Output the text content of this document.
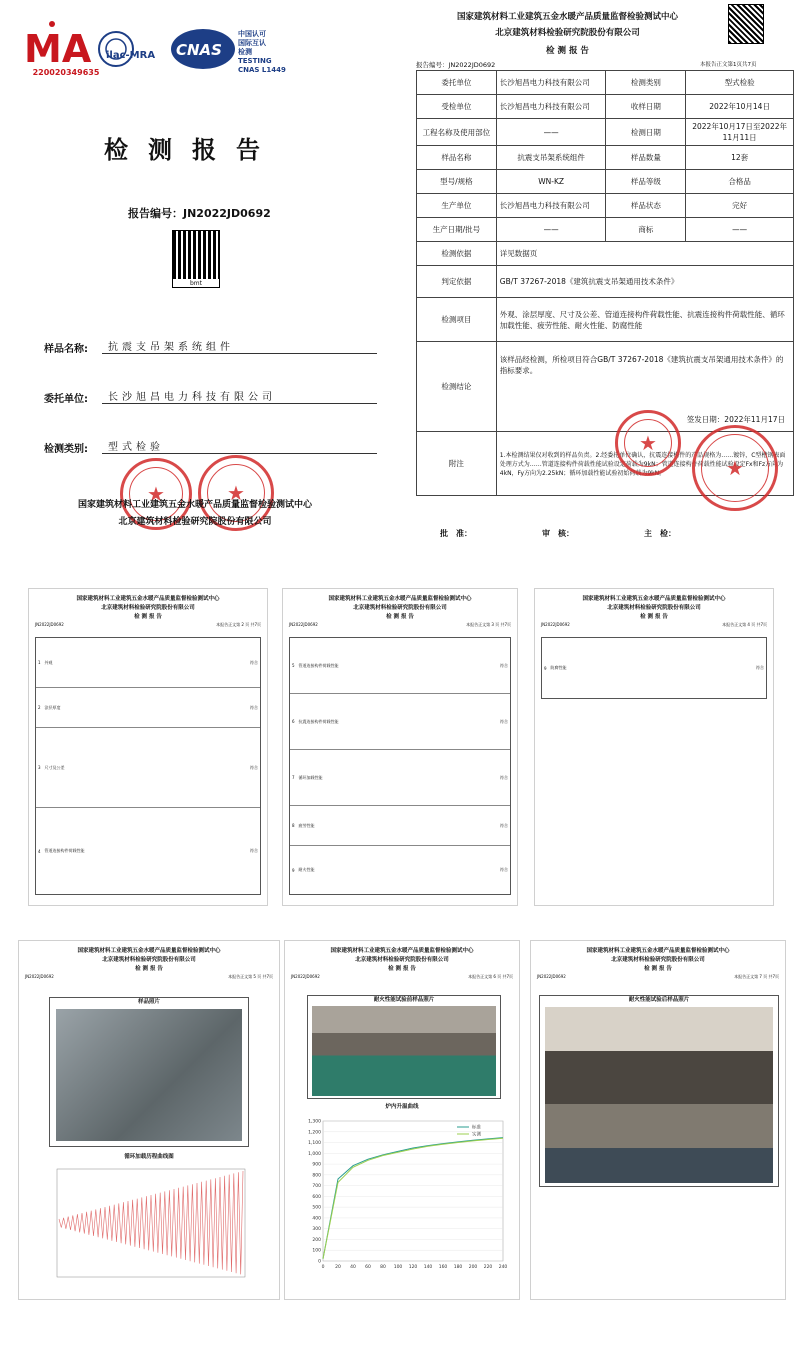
MA
220020349635
ilac-MRA CNAS
中国认可
国际互认
检测
TESTING
CNAS L1449
检测报告
报告编号：JN2022JD0692
bmt
样品名称:	抗震支吊架系统组件
委托单位:	长沙旭昌电力科技有限公司
检测类别:	型式检验
★	★
国家建筑材料工业建筑五金水暖产品质量监督检验测试中心
北京建筑材料检验研究院股份有限公司
国家建筑材料工业建筑五金水暖产品质量监督检验测试中心
北京建筑材料检验研究院股份有限公司
检 测 报 告
报告编号：JN2022JD0692	本报告正文第1页共7页
委托单位	长沙旭昌电力科技有限公司	检测类别	型式检验
受检单位	长沙旭昌电力科技有限公司	收样日期	2022年10月14日
工程名称及使用部位	——	检测日期	2022年10月17日至2022年11月11日
样品名称	抗震支吊架系统组件	样品数量	12套
型号/规格	WN-KZ	样品等级	合格品
生产单位	长沙旭昌电力科技有限公司	样品状态	完好
生产日期/批号	——	商标	——
检测依据	详见数据页		
判定依据	GB/T 37267-2018《建筑抗震支吊架通用技术条件》		
检测项目	外观、涂层厚度、尺寸及公差、管道连接构件荷载性能、抗震连接构件荷载性能、循环加载性能、疲劳性能、耐火性能、防腐性能		
检测结论	该样品经检测，所检项目符合GB/T 37267-2018《建筑抗震支吊架通用技术条件》的指标要求。
签发日期：2022年11月17日		

附注	1.本检测结果仅对收到的样品负责。2.经委托单位确认，抗震连接构件的产品规格为……镀锌，C型槽钢表面处理方式为……管道连接构件荷载性能试验设定荷载为9kN；管道连接构件荷载性能试验设定Fx和Fz方向为4kN，Fy方向为2.25kN；循环加载性能试验初始荷载为9kN。		
★
★
批　准：	审　核：	主　检：
国家建筑材料工业建筑五金水暖产品质量监督检验测试中心
北京建筑材料检验研究院股份有限公司
检 测 报 告
JN2022JD0692	本报告正文第 2 页 共7页
1	外观	符合
2	涂层厚度	符合
3	尺寸及公差	符合
4	管道连接构件荷载性能	符合
国家建筑材料工业建筑五金水暖产品质量监督检验测试中心
北京建筑材料检验研究院股份有限公司
检 测 报 告
JN2022JD0692	本报告正文第 3 页 共7页
5	管道连接构件荷载性能	符合
6	抗震连接构件荷载性能	符合
7	循环加载性能	符合
8	疲劳性能	符合
9	耐火性能	符合
国家建筑材料工业建筑五金水暖产品质量监督检验测试中心
北京建筑材料检验研究院股份有限公司
检 测 报 告
JN2022JD0692	本报告正文第 4 页 共7页
9	防腐性能	符合
国家建筑材料工业建筑五金水暖产品质量监督检验测试中心
北京建筑材料检验研究院股份有限公司
检 测 报 告
JN2022JD0692	本报告正文第 5 页 共7页
样品照片
循环加载历程曲线图
国家建筑材料工业建筑五金水暖产品质量监督检验测试中心
北京建筑材料检验研究院股份有限公司
检 测 报 告
JN2022JD0692	本报告正文第 6 页 共7页
耐火性能试验前样品照片
炉内升温曲线
0
100
200
300
400
500
600
700
800
900
1,000
1,100
1,200
1,300
0 20 40 60 80 100 120 140 160 180 200 220 240
标准
实测
国家建筑材料工业建筑五金水暖产品质量监督检验测试中心
北京建筑材料检验研究院股份有限公司
检 测 报 告
JN2022JD0692	本报告正文第 7 页 共7页
耐火性能试验后样品照片
